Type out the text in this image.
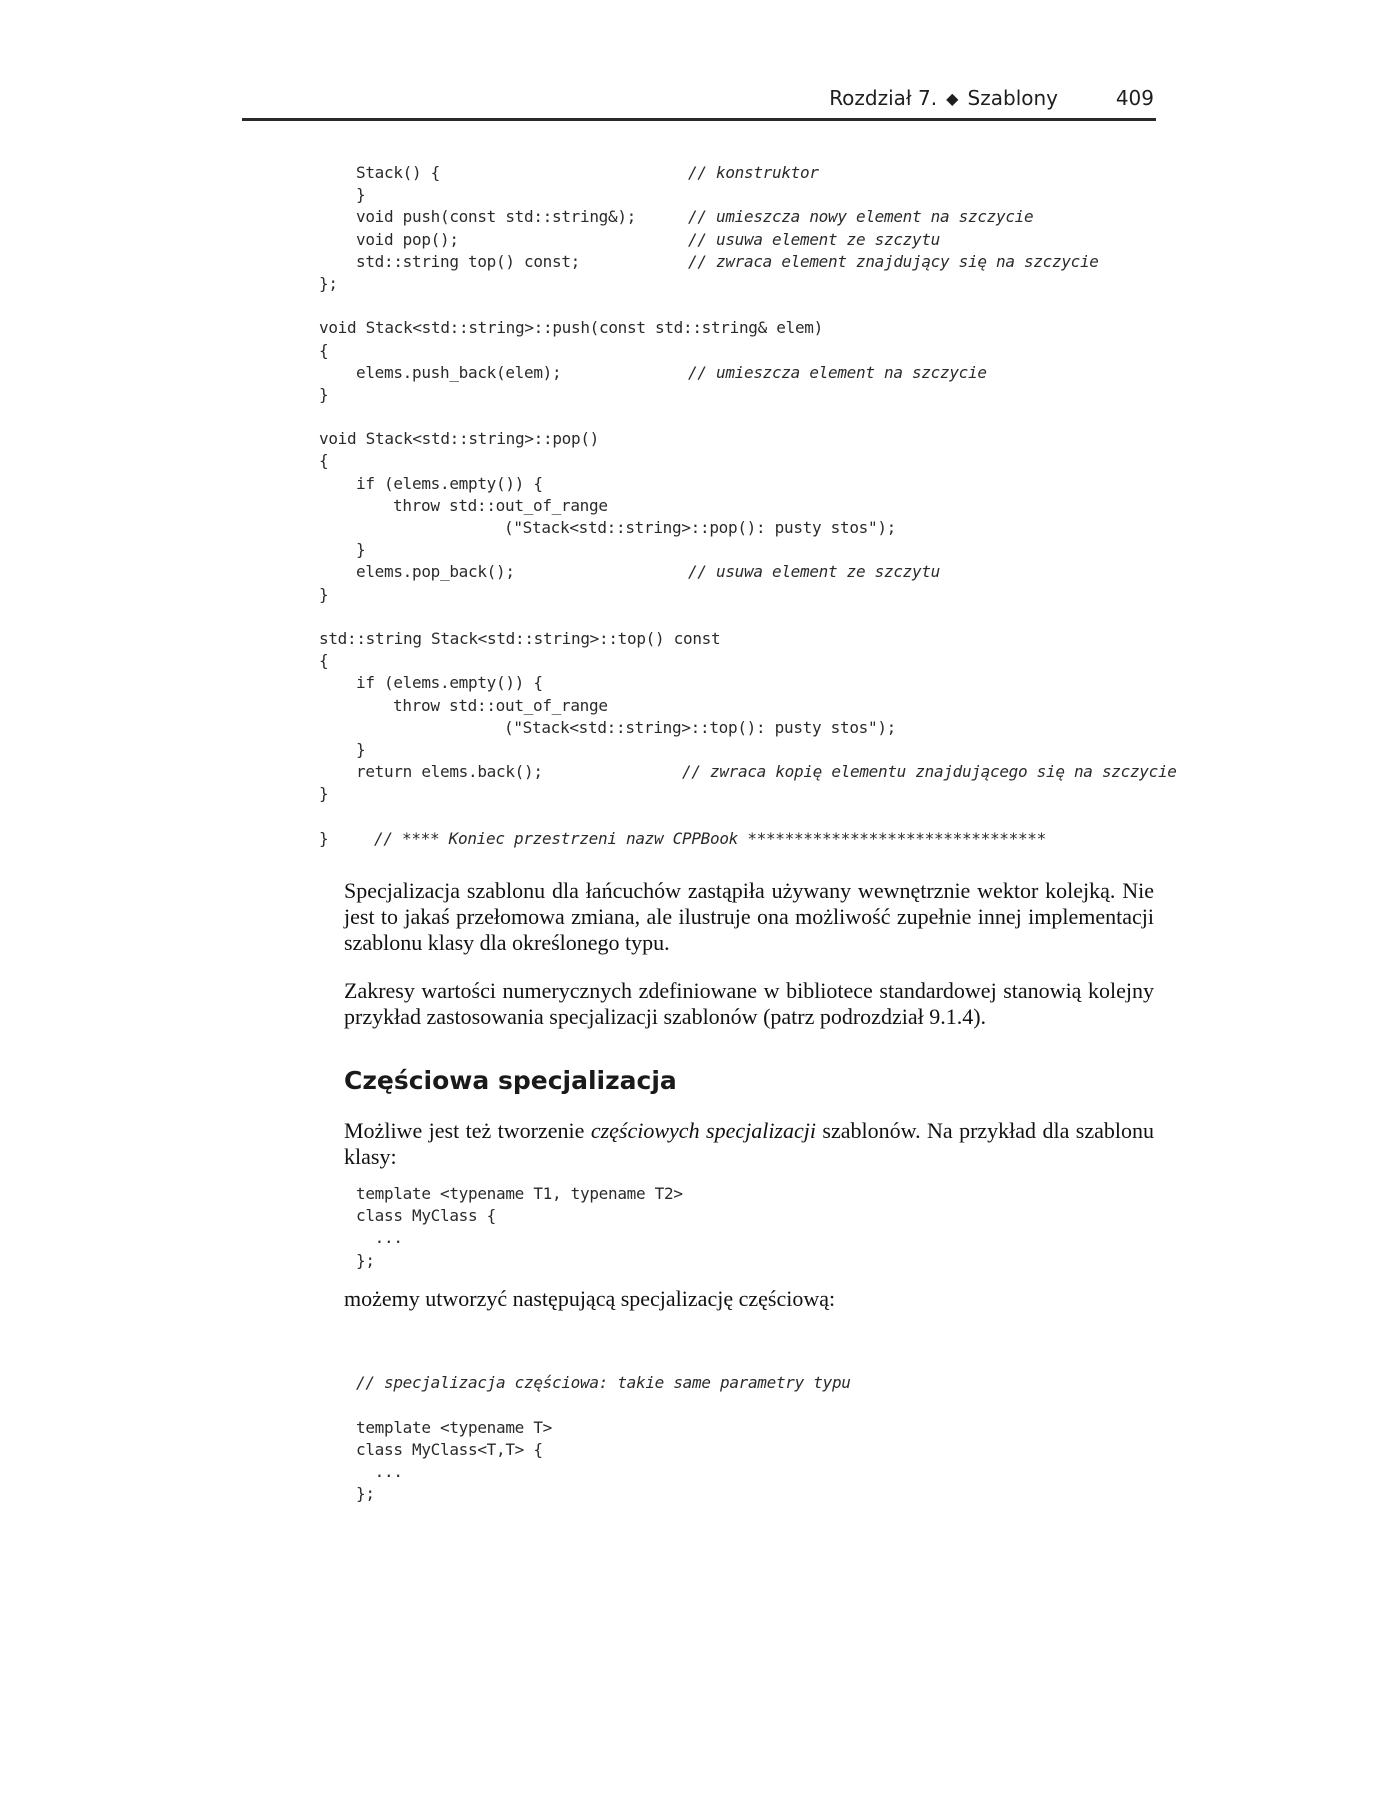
Rozdział 7. ◆ Szablony	409
Stack() {	// konstruktor
}
void push(const std::string&);	// umieszcza nowy element na szczycie
void pop();	// usuwa element ze szczytu
std::string top() const;	// zwraca element znajdujący się na szczycie
};
void Stack<std::string>::push(const std::string& elem)
{
elems.push_back(elem);	// umieszcza element na szczycie
}
void Stack<std::string>::pop()
{
if (elems.empty()) {
throw std::out_of_range
("Stack<std::string>::pop(): pusty stos");
}
elems.pop_back();	// usuwa element ze szczytu
}
std::string Stack<std::string>::top() const
{
if (elems.empty()) {
throw std::out_of_range
("Stack<std::string>::top(): pusty stos");
}
return elems.back();	// zwraca kopię elementu znajdującego się na szczycie
}
}	// **** Koniec przestrzeni nazw CPPBook ********************************

Specjalizacja szablonu dla łańcuchów zastąpiła używany wewnętrznie wektor kolejką. Nie jest to jakaś przełomowa zmiana, ale ilustruje ona możliwość zupełnie innej implementacji szablonu klasy dla określonego typu.

Zakresy wartości numerycznych zdefiniowane w bibliotece standardowej stanowią kolejny przykład zastosowania specjalizacji szablonów (patrz podrozdział 9.1.4).

Częściowa specjalizacja

Możliwe jest też tworzenie częściowych specjalizacji szablonów. Na przykład dla szablonu klasy:

template <typename T1, typename T2>
class MyClass {
...
};

możemy utworzyć następującą specjalizację częściową:

// specjalizacja częściowa: takie same parametry typu

template <typename T>
class MyClass<T,T> {
...
};
